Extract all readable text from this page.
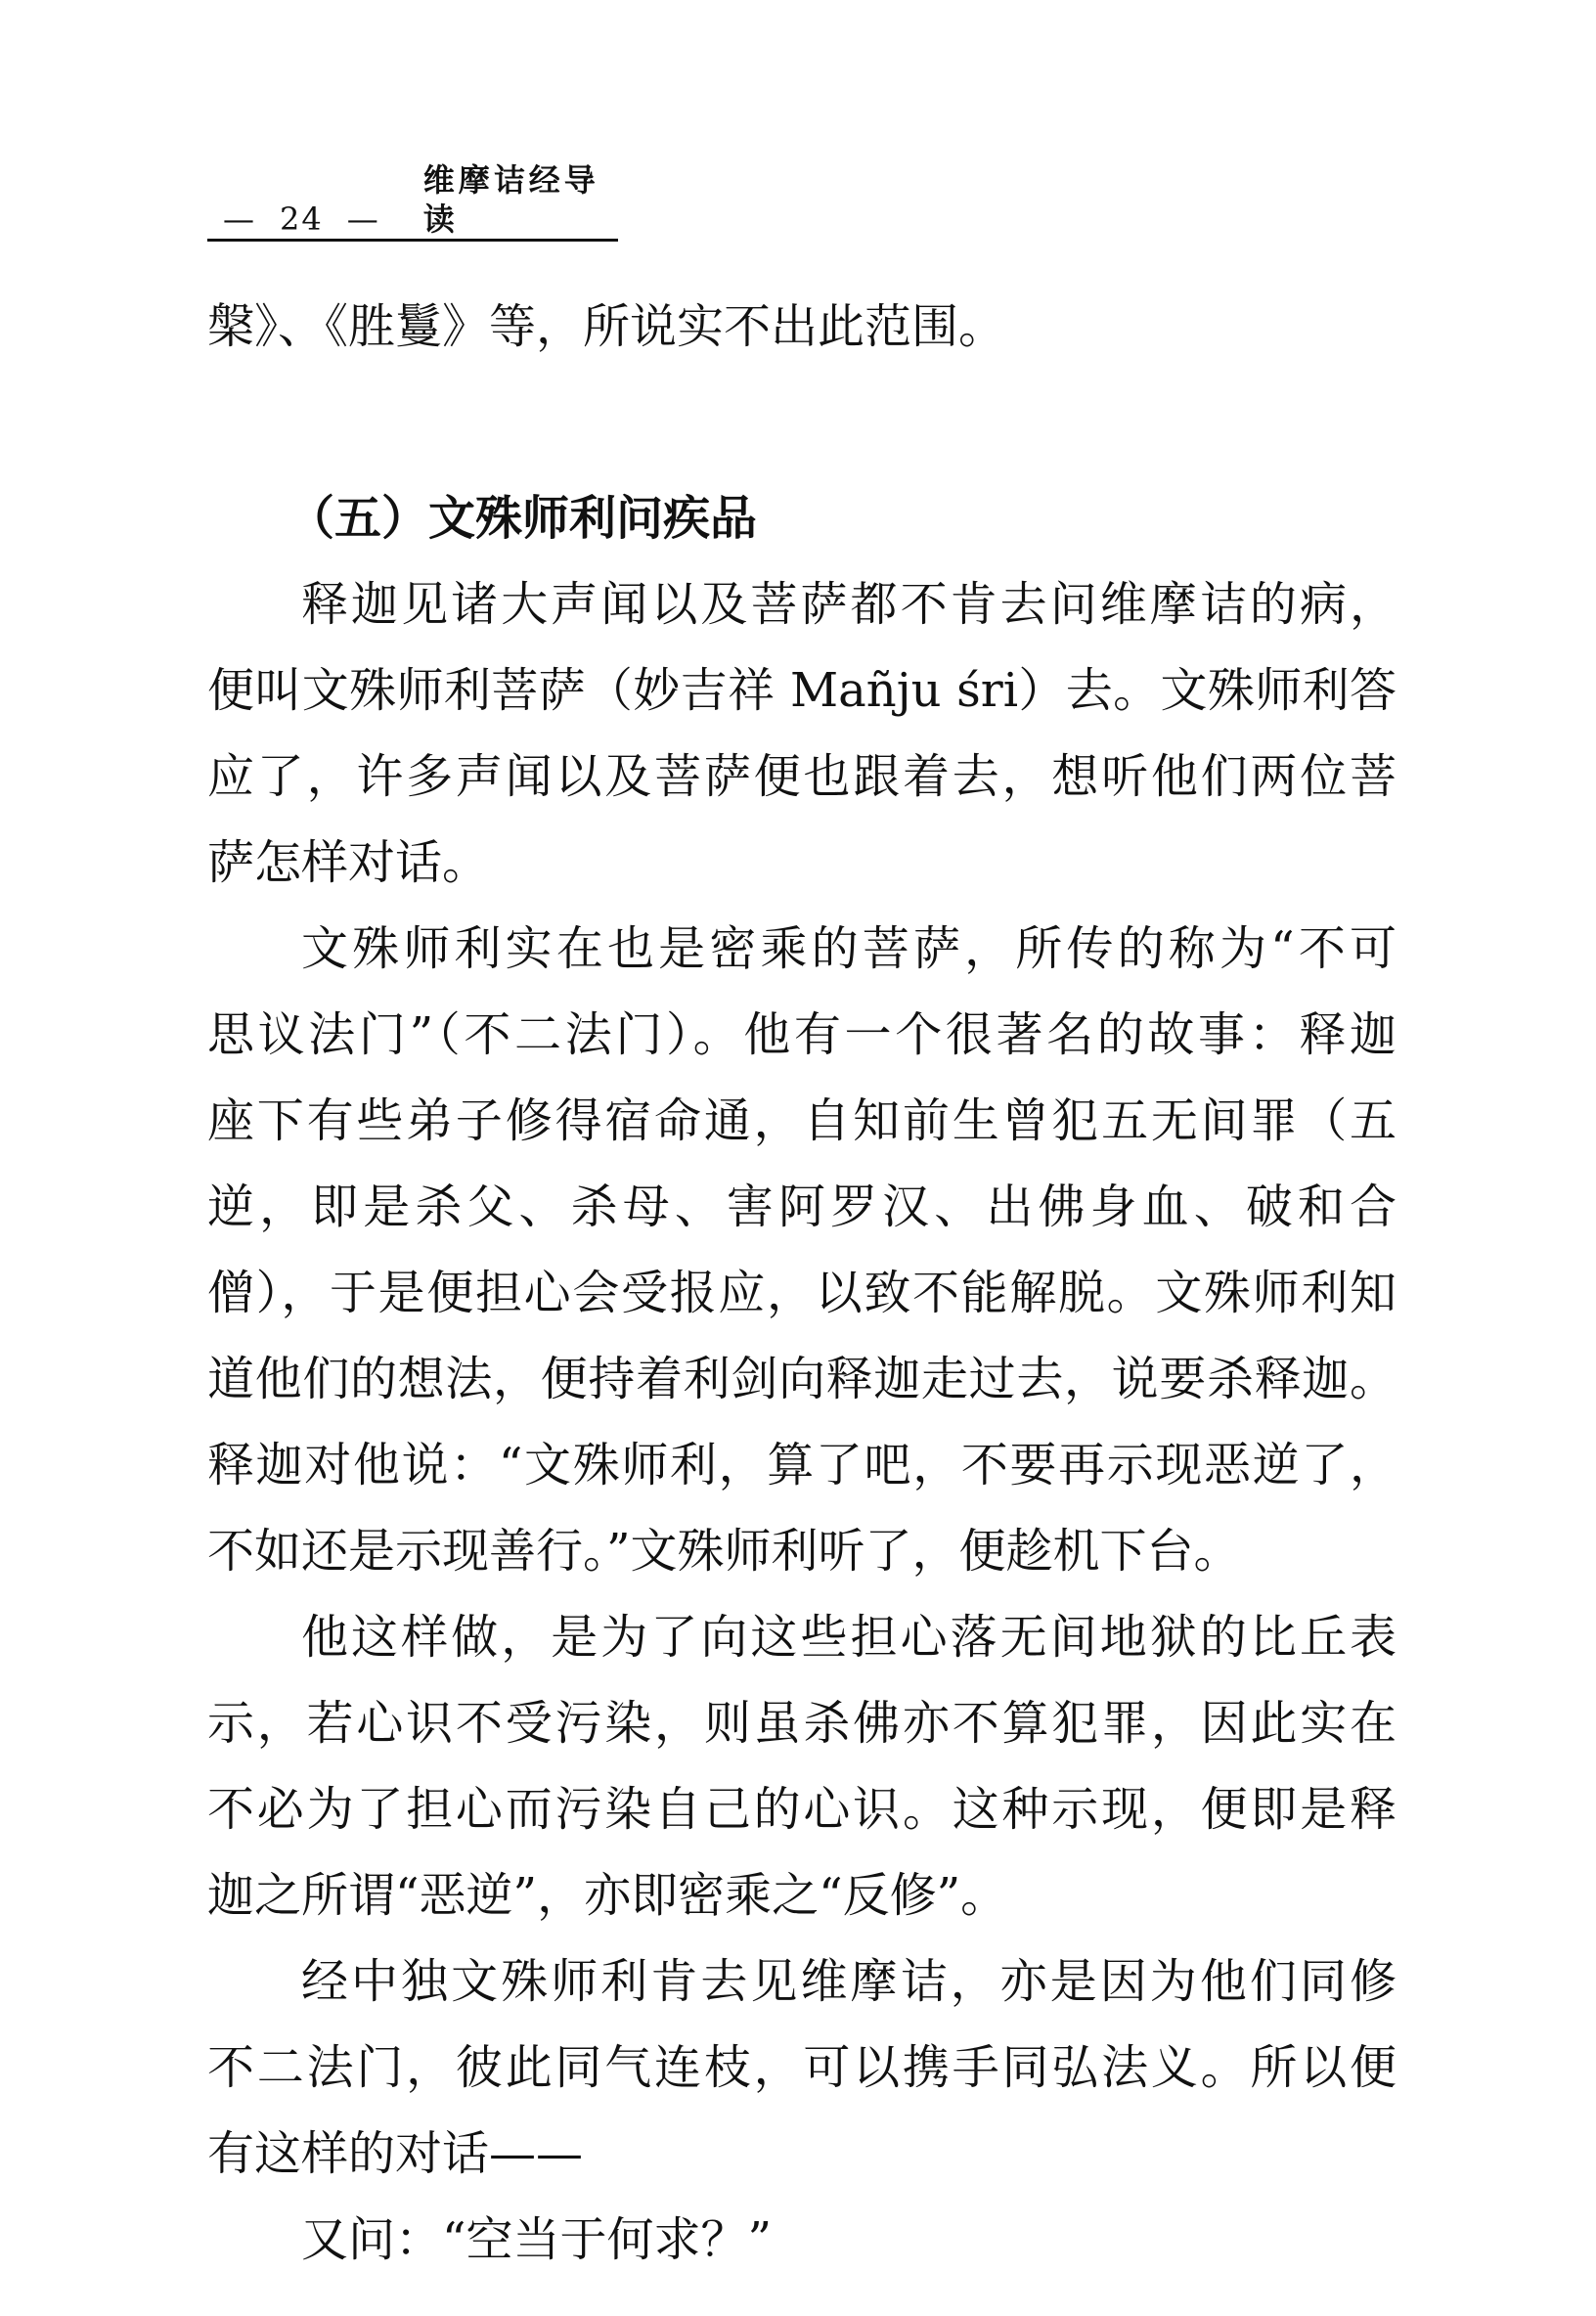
— 24 —
维摩诘经导读
槃》、《胜鬘》等，所说实不出此范围。
（五）文殊师利问疾品
释迦见诸大声闻以及菩萨都不肯去问维摩诘的病，
便叫文殊师利菩萨（妙吉祥 Mañju śri）去。文殊师利答
应了，许多声闻以及菩萨便也跟着去，想听他们两位菩
萨怎样对话。
文殊师利实在也是密乘的菩萨，所传的称为“不可
思议法门”（不二法门）。他有一个很著名的故事：释迦
座下有些弟子修得宿命通，自知前生曾犯五无间罪（五
逆，即是杀父、杀母、害阿罗汉、出佛身血、破和合
僧），于是便担心会受报应，以致不能解脱。文殊师利知
道他们的想法，便持着利剑向释迦走过去，说要杀释迦。
释迦对他说：“文殊师利，算了吧，不要再示现恶逆了，
不如还是示现善行。”文殊师利听了，便趁机下台。
他这样做，是为了向这些担心落无间地狱的比丘表
示，若心识不受污染，则虽杀佛亦不算犯罪，因此实在
不必为了担心而污染自己的心识。这种示现，便即是释
迦之所谓“恶逆”，亦即密乘之“反修”。
经中独文殊师利肯去见维摩诘，亦是因为他们同修
不二法门，彼此同气连枝，可以携手同弘法义。所以便
有这样的对话——
又问：“空当于何求？”
